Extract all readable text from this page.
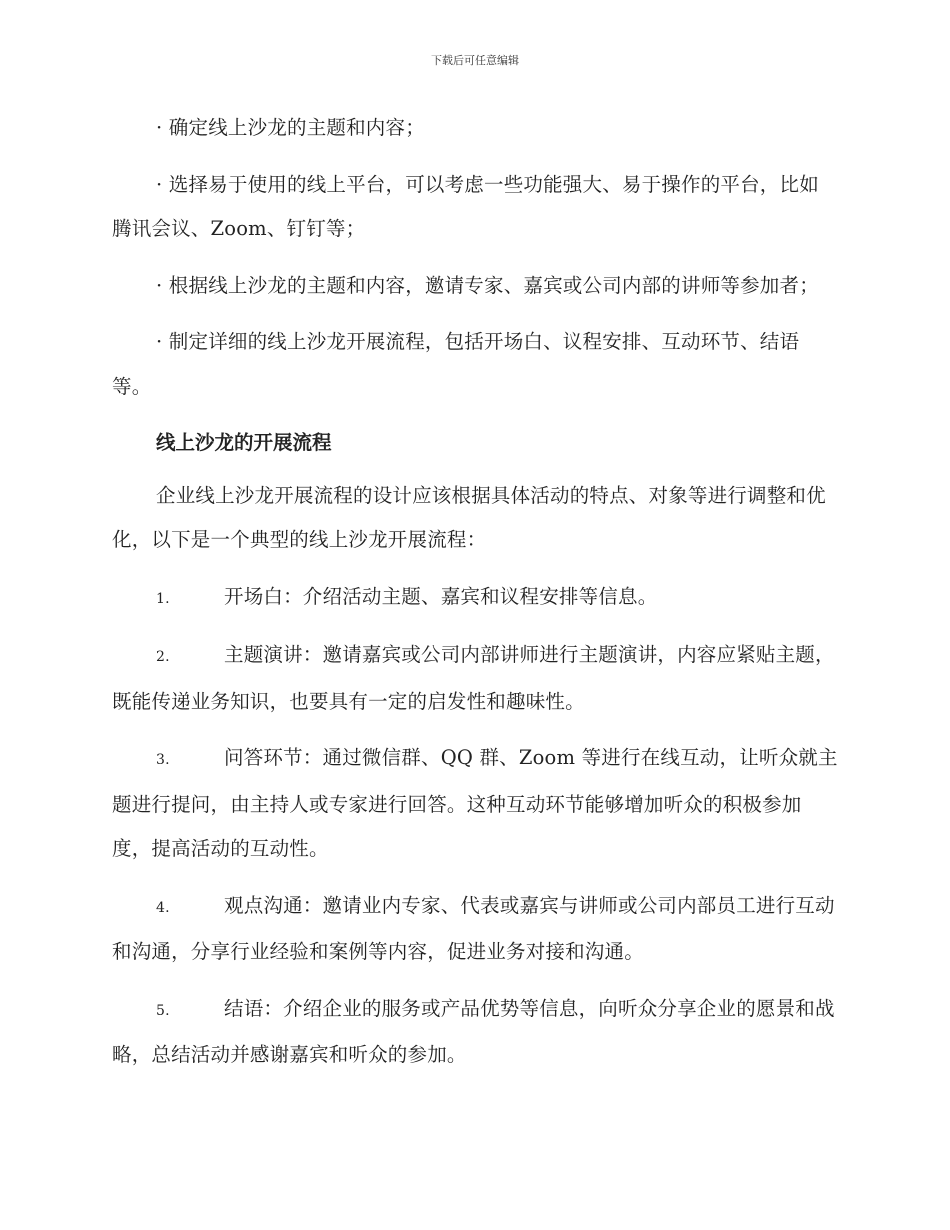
下载后可任意编辑

· 确定线上沙龙的主题和内容；

· 选择易于使用的线上平台，可以考虑一些功能强大、易于操作的平台，比如腾讯会议、Zoom、钉钉等；

· 根据线上沙龙的主题和内容，邀请专家、嘉宾或公司内部的讲师等参加者；

· 制定详细的线上沙龙开展流程，包括开场白、议程安排、互动环节、结语等。

线上沙龙的开展流程

企业线上沙龙开展流程的设计应该根据具体活动的特点、对象等进行调整和优化，以下是一个典型的线上沙龙开展流程：

1.	开场白：介绍活动主题、嘉宾和议程安排等信息。

2.	主题演讲：邀请嘉宾或公司内部讲师进行主题演讲，内容应紧贴主题，既能传递业务知识，也要具有一定的启发性和趣味性。

3.	问答环节：通过微信群、QQ 群、Zoom 等进行在线互动，让听众就主题进行提问，由主持人或专家进行回答。这种互动环节能够增加听众的积极参加度，提高活动的互动性。

4.	观点沟通：邀请业内专家、代表或嘉宾与讲师或公司内部员工进行互动和沟通，分享行业经验和案例等内容，促进业务对接和沟通。

5.	结语：介绍企业的服务或产品优势等信息，向听众分享企业的愿景和战略，总结活动并感谢嘉宾和听众的参加。
